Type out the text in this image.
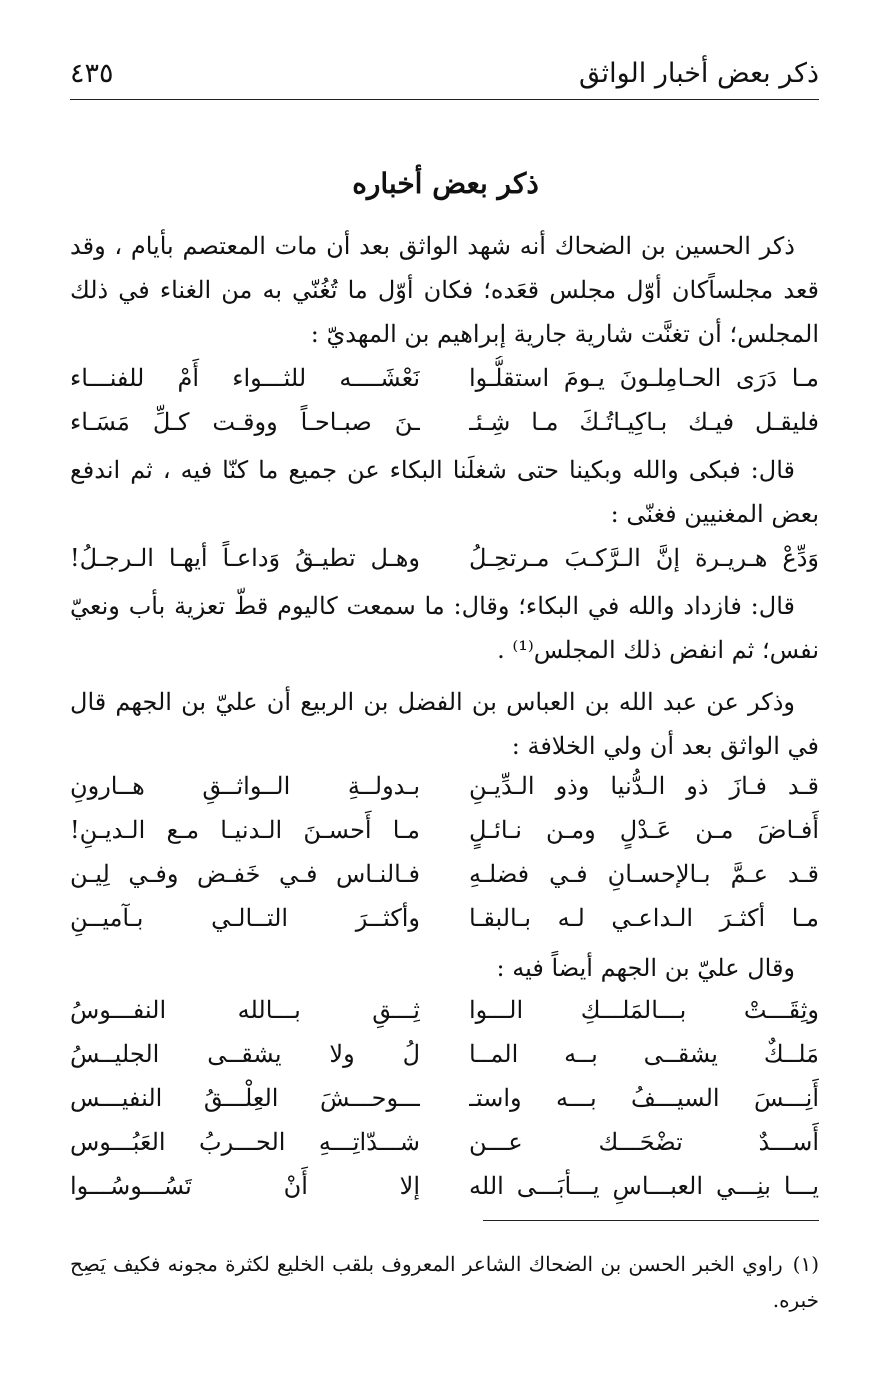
ذكر بعض أخبار الواثق
٤٣٥
ذكر بعض أخباره

ذكر الحسين بن الضحاك أنه شهد الواثق بعد أن مات المعتصم بأيام ، وقد قعد مجلساًكان أوّل مجلس قعَده؛ فكان أوّل ما تُغُنّي به من الغناء في ذلك المجلس؛ أن تغنَّت شارية جارية إبراهيم بن المهديّ :

مـا دَرَى الحـامِلـونَ يـومَ استقلُّـوا
نَعْشَــــه للثـــواء أَمْ للفنـــاء
فليقـل فيـك بـاكِيـاتُـكَ مـا شِـئـ
ـنَ صبـاحـاً ووقـت كـلِّ مَسَـاء

قال: فبكى والله وبكينا حتى شغلَنا البكاء عن جميع ما كنّا فيه ، ثم اندفع بعض المغنيين فغنّى :

وَدِّعْ هـريـرة إنَّ الـرَّكـبَ مـرتحِـلُ
وهـل تطيـقُ وَداعـاً أيهـا الـرجـلُ!

قال: فازداد والله في البكاء؛ وقال: ما سمعت كاليوم قطّ تعزية بأب ونعيّ نفس؛ ثم انفض ذلك المجلس⁽¹⁾ .

وذكر عن عبد الله بن العباس بن الفضل بن الربيع أن عليّ بن الجهم قال في الواثق بعد أن ولي الخلافة :

قـد فـازَ ذو الـدُّنيا وذو الـدِّيـنِ
بـدولــةِ الــواثــقِ هــارونِ
أَفـاضَ مـن عَـدْلٍ ومـن نـائـلٍ
مـا أَحسـنَ الـدنيـا مـع الـديـنِ!
قـد عـمَّ بـالإحسـانِ فـي فضلـهِ
فـالنـاس فـي خَفـض وفـي لِيـن
مـا أكثـرَ الـداعـي لـه بـالبقـا
وأكثــرَ التــالـي بـآميــنِ

وقال عليّ بن الجهم أيضاً فيه :

وثِقَـــتْ بـــالمَلـــكِ الـــوا
ثِـــقِ بـــالله النفـــوسُ
مَلــكٌ يشقــى بــه المــا
لُ ولا يشقــى الجليــسُ
أَنِـــسَ السيـــفُ بـــه واستـ
ـــوحـــشَ العِلْـــقُ النفيـــس
أَســـدٌ تضْحَـــك عـــن
شـــدّاتِـــهِ الحـــربُ العَبُـــوس
يـــا بنِـــي العبـــاسِ يـــأبَـــى الله
إلا أَنْ تَسُـــوسُـــوا

(١)راوي الخبر الحسن بن الضحاك الشاعر المعروف بلقب الخليع لكثرة مجونه فكيف يَصِح خبره.
